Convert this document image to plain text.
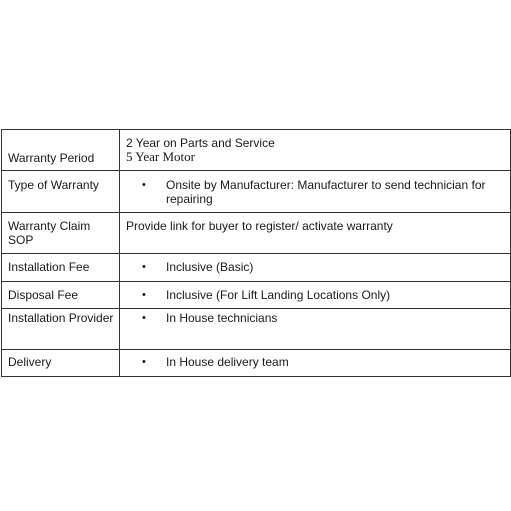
Warranty Period	2 Year on Parts and Service
5 Year Motor

Type of Warranty	• Onsite by Manufacturer: Manufacturer to send technician for repairing

Warranty Claim SOP	Provide link for buyer to register/ activate warranty

Installation Fee	• Inclusive (Basic)

Disposal Fee	• Inclusive (For Lift Landing Locations Only)

Installation Provider	• In House technicians

Delivery	• In House delivery team
